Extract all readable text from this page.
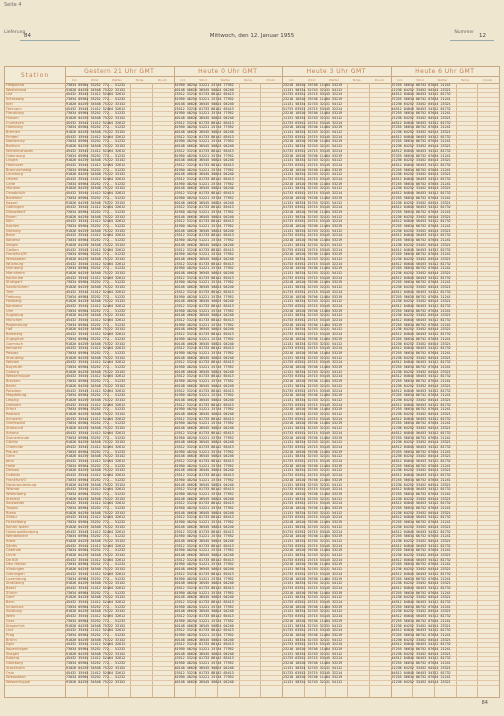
Seite 4
Lieferung
84	Mittwoch, den 12. Januar 1955
Nummer
12
Station	Gestern 21 Uhr GMT
Ind.	Wind	Wetter	Temp.	Druck
Heute 0 Uhr GMT
Ind.	Wind	Wetter	Temp.	Druck
Heute 3 Uhr GMT
Ind.	Wind	Wetter	Temp.	Druck
Heute 6 Uhr GMT
Ind.	Wind	Wetter	Temp.	Druck
Helgoland	73034 05984 33252 772-- 51232	81950 48254 51221 25734 77952	23218 10520 76746 11484 53219	37255 56634 86752 07634 21241
Westerland	91826 04259 34548 75722 33152	40148 46626 36545 50824 04240	11131 58334 32743 32131 54112	21236 64252 33452 04514 23321
List	45432 35545 21412 52464 32612	23512 33216 01733 88142 65413	51733 63552 25715 53145 32214	44512 04845 56453 54312 81732
Schleswig	73034 05984 33252 772-- 51232	81950 48254 51221 25734 77952	23218 10520 76746 11484 53219	37255 56634 86752 07634 21241
Kiel	91826 04259 34548 75722 33152	40148 46626 36545 50824 04240	11131 58334 32743 32131 54112	21236 64252 33452 04514 23321
Fehmarn	45432 35545 21412 52464 32612	23512 33216 01733 88142 65413	51733 63552 25715 53145 32214	44512 04845 56453 54312 81732
Flensburg	73034 05984 33252 772-- 51232	81950 48254 51221 25734 77952	23218 10520 76746 11484 53219	37255 56634 86752 07634 21241
Husum	91826 04259 34548 75722 33152	40148 46626 36545 50824 04240	11131 58334 32743 32131 54112	21236 64252 33452 04514 23321
Cuxhaven	45432 35545 21412 52464 32612	23512 33216 01733 88142 65413	51733 63552 25715 53145 32214	44512 04845 56453 54312 81732
Hamburg	73034 05984 33252 772-- 51232	81950 48254 51221 25734 77952	23218 10520 76746 11484 53219	37255 56634 86752 07634 21241
Bremen	91826 04259 34548 75722 33152	40148 46626 36545 50824 04240	11131 58334 32743 32131 54112	21236 64252 33452 04514 23321
Emden	45432 35545 21412 52464 32612	23512 33216 01733 88142 65413	51733 63552 25715 53145 32214	44512 04845 56453 54312 81732
Norderney	73034 05984 33252 772-- 51232	81950 48254 51221 25734 77952	23218 10520 76746 11484 53219	37255 56634 86752 07634 21241
Borkum	91826 04259 34548 75722 33152	40148 46626 36545 50824 04240	11131 58334 32743 32131 54112	21236 64252 33452 04514 23321
Wilhelmshaven	45432 35545 21412 52464 32612	23512 33216 01733 88142 65413	51733 63552 25715 53145 32214	44512 04845 56453 54312 81732
Oldenburg	73034 05984 33252 772-- 51232	81950 48254 51221 25734 77952	23218 10520 76746 11484 53219	37255 56634 86752 07634 21241
Lingen	91826 04259 34548 75722 33152	40148 46626 36545 50824 04240	11131 58334 32743 32131 54112	21236 64252 33452 04514 23321
Hannover	45432 35545 21412 52464 32612	23512 33216 01733 88142 65413	51733 63552 25715 53145 32214	44512 04845 56453 54312 81732
Braunschweig	73034 05984 33252 772-- 51232	81950 48254 51221 25734 77952	23218 10520 76746 11484 53219	37255 56634 86752 07634 21241
Lüneburg	91826 04259 34548 75722 33152	40148 46626 36545 50824 04240	11131 58334 32743 32131 54112	21236 64252 33452 04514 23321
Uelzen	45432 35545 21412 52464 32612	23512 33216 01733 88142 65413	51733 63552 25715 53145 32214	44512 04845 56453 54312 81732
Celle	73034 05984 33252 772-- 51232	81950 48254 51221 25734 77952	23218 10520 76746 11484 53219	37255 56634 86752 07634 21241
Münster	91826 04259 34548 75722 33152	40148 46626 36545 50824 04240	11131 58334 32743 32131 54112	21236 64252 33452 04514 23321
Osnabrück	45432 35545 21412 52464 32612	23512 33216 01733 88142 65413	51733 63552 25715 53145 32214	44512 04845 56453 54312 81732
Bielefeld	73034 05984 33252 772-- 51232	81950 48254 51221 25734 77952	23218 10520 76746 11484 53219	37255 56634 86752 07634 21241
Kassel	91826 04259 34548 75722 33152	40148 46626 36545 50824 04240	11131 58334 32743 32131 54112	21236 64252 33452 04514 23321
Göttingen	45432 35545 21412 52464 32612	23512 33216 01733 88142 65413	51733 63552 25715 53145 32214	44512 04845 56453 54312 81732
Düsseldorf	73034 05984 33252 772-- 51232	81950 48254 51221 25734 77952	23218 10520 76746 11484 53219	37255 56634 86752 07634 21241
Essen	91826 04259 34548 75722 33152	40148 46626 36545 50824 04240	11131 58334 32743 32131 54112	21236 64252 33452 04514 23321
Köln	45432 35545 21412 52464 32612	23512 33216 01733 88142 65413	51733 63552 25715 53145 32214	44512 04845 56453 54312 81732
Aachen	73034 05984 33252 772-- 51232	81950 48254 51221 25734 77952	23218 10520 76746 11484 53219	37255 56634 86752 07634 21241
Nürburg	91826 04259 34548 75722 33152	40148 46626 36545 50824 04240	11131 58334 32743 32131 54112	21236 64252 33452 04514 23321
Bonn	45432 35545 21412 52464 32612	23512 33216 01733 88142 65413	51733 63552 25715 53145 32214	44512 04845 56453 54312 81732
Koblenz	73034 05984 33252 772-- 51232	81950 48254 51221 25734 77952	23218 10520 76746 11484 53219	37255 56634 86752 07634 21241
Siegen	91826 04259 34548 75722 33152	40148 46626 36545 50824 04240	11131 58334 32743 32131 54112	21236 64252 33452 04514 23321
Gießen	45432 35545 21412 52464 32612	23512 33216 01733 88142 65413	51733 63552 25715 53145 32214	44512 04845 56453 54312 81732
Frankfurt/M	73034 05984 33252 772-- 51232	81950 48254 51221 25734 77952	23218 10520 76746 11484 53219	37255 56634 86752 07634 21241
Wiesbaden	91826 04259 34548 75722 33152	40148 46626 36545 50824 04240	11131 58334 32743 32131 54112	21236 64252 33452 04514 23321
Würzburg	45432 35545 21412 52464 32612	23512 33216 01733 88142 65413	51733 63552 25715 53145 32214	44512 04845 56453 54312 81732
Nürnberg	73034 05984 33252 772-- 51232	81950 48254 51221 25734 77952	23218 10520 76746 11484 53219	37255 56634 86752 07634 21241
Mannheim	91826 04259 34548 75722 33152	40148 46626 36545 50824 04240	11131 58334 32743 32131 54112	21236 64252 33452 04514 23321
Karlsruhe	45432 35545 21412 52464 32612	23512 33216 01733 88142 65413	51733 63552 25715 53145 32214	44512 04845 56453 54312 81732
Stuttgart	73034 05984 33252 772-- 51232	81950 48254 51221 25734 77952	23218 10520 76746 11484 53219	37255 56634 86752 07634 21241
Saarbrücken	91826 04259 34548 75722 33152	40148 46626 36545 50824 04240	11131 58334 32743 32131 54112	21236 64252 33452 04514 23321
Trier	45432 35545 21412 52464 32612	23512 33216 01733 88142 65413	51733 63552 25715 53145 32214	44512 04845 56453 54312 81732
Freiburg	73034 05984 33252 772-- 51232	81950 48254 51221 25734 77952	23218 10520 76746 11484 53219	37255 56634 86752 07634 21241
Feldberg	91826 04259 34548 75722 33152	40148 46626 36545 50824 04240	11131 58334 32743 32131 54112	21236 64252 33452 04514 23321
Konstanz	45432 35545 21412 52464 32612	23512 33216 01733 88142 65413	51733 63552 25715 53145 32214	44512 04845 56453 54312 81732
Ulm	73034 05984 33252 772-- 51232	81950 48254 51221 25734 77952	23218 10520 76746 11484 53219	37255 56634 86752 07634 21241
Augsburg	91826 04259 34548 75722 33152	40148 46626 36545 50824 04240	11131 58334 32743 32131 54112	21236 64252 33452 04514 23321
München	45432 35545 21412 52464 32612	23512 33216 01733 88142 65413	51733 63552 25715 53145 32214	44512 04845 56453 54312 81732
Regensburg	73034 05984 33252 772-- 51232	81950 48254 51221 25734 77952	23218 10520 76746 11484 53219	37255 56634 86752 07634 21241
Hof	91826 04259 34548 75722 33152	40148 46626 36545 50824 04240	11131 58334 32743 32131 54112	21236 64252 33452 04514 23321
Bamberg	45432 35545 21412 52464 32612	23512 33216 01733 88142 65413	51733 63552 25715 53145 32214	44512 04845 56453 54312 81732
Zugspitze	73034 05984 33252 772-- 51232	81950 48254 51221 25734 77952	23218 10520 76746 11484 53219	37255 56634 86752 07634 21241
Garmisch	91826 04259 34548 75722 33152	40148 46626 36545 50824 04240	11131 58334 32743 32131 54112	21236 64252 33452 04514 23321
Kempten	45432 35545 21412 52464 32612	23512 33216 01733 88142 65413	51733 63552 25715 53145 32214	44512 04845 56453 54312 81732
Passau	73034 05984 33252 772-- 51232	81950 48254 51221 25734 77952	23218 10520 76746 11484 53219	37255 56634 86752 07634 21241
Straubing	91826 04259 34548 75722 33152	40148 46626 36545 50824 04240	11131 58334 32743 32131 54112	21236 64252 33452 04514 23321
Weiden	45432 35545 21412 52464 32612	23512 33216 01733 88142 65413	51733 63552 25715 53145 32214	44512 04845 56453 54312 81732
Bayreuth	73034 05984 33252 772-- 51232	81950 48254 51221 25734 77952	23218 10520 76746 11484 53219	37255 56634 86752 07634 21241
Coburg	91826 04259 34548 75722 33152	40148 46626 36545 50824 04240	11131 58334 32743 32131 54112	21236 64252 33452 04514 23321
Wasserkuppe	45432 35545 21412 52464 32612	23512 33216 01733 88142 65413	51733 63552 25715 53145 32214	44512 04845 56453 54312 81732
Brocken	73034 05984 33252 772-- 51232	81950 48254 51221 25734 77952	23218 10520 76746 11484 53219	37255 56634 86752 07634 21241
Berlin	91826 04259 34548 75722 33152	40148 46626 36545 50824 04240	11131 58334 32743 32131 54112	21236 64252 33452 04514 23321
Potsdam	45432 35545 21412 52464 32612	23512 33216 01733 88142 65413	51733 63552 25715 53145 32214	44512 04845 56453 54312 81732
Magdeburg	73034 05984 33252 772-- 51232	81950 48254 51221 25734 77952	23218 10520 76746 11484 53219	37255 56634 86752 07634 21241
Leipzig	91826 04259 34548 75722 33152	40148 46626 36545 50824 04240	11131 58334 32743 32131 54112	21236 64252 33452 04514 23321
Dresden	45432 35545 21412 52464 32612	23512 33216 01733 88142 65413	51733 63552 25715 53145 32214	44512 04845 56453 54312 81732
Erfurt	73034 05984 33252 772-- 51232	81950 48254 51221 25734 77952	23218 10520 76746 11484 53219	37255 56634 86752 07634 21241
Rostock	91826 04259 34548 75722 33152	40148 46626 36545 50824 04240	11131 58334 32743 32131 54112	21236 64252 33452 04514 23321
Schwerin	45432 35545 21412 52464 32612	23512 33216 01733 88142 65413	51733 63552 25715 53145 32214	44512 04845 56453 54312 81732
Greifswald	73034 05984 33252 772-- 51232	81950 48254 51221 25734 77952	23218 10520 76746 11484 53219	37255 56634 86752 07634 21241
Stralsund	91826 04259 34548 75722 33152	40148 46626 36545 50824 04240	11131 58334 32743 32131 54112	21236 64252 33452 04514 23321
Arkona	45432 35545 21412 52464 32612	23512 33216 01733 88142 65413	51733 63552 25715 53145 32214	44512 04845 56453 54312 81732
Swinemünde	73034 05984 33252 772-- 51232	81950 48254 51221 25734 77952	23218 10520 76746 11484 53219	37255 56634 86752 07634 21241
Görlitz	91826 04259 34548 75722 33152	40148 46626 36545 50824 04240	11131 58334 32743 32131 54112	21236 64252 33452 04514 23321
Chemnitz	45432 35545 21412 52464 32612	23512 33216 01733 88142 65413	51733 63552 25715 53145 32214	44512 04845 56453 54312 81732
Plauen	73034 05984 33252 772-- 51232	81950 48254 51221 25734 77952	23218 10520 76746 11484 53219	37255 56634 86752 07634 21241
Gera	91826 04259 34548 75722 33152	40148 46626 36545 50824 04240	11131 58334 32743 32131 54112	21236 64252 33452 04514 23321
Jena	45432 35545 21412 52464 32612	23512 33216 01733 88142 65413	51733 63552 25715 53145 32214	44512 04845 56453 54312 81732
Halle	73034 05984 33252 772-- 51232	81950 48254 51221 25734 77952	23218 10520 76746 11484 53219	37255 56634 86752 07634 21241
Dessau	91826 04259 34548 75722 33152	40148 46626 36545 50824 04240	11131 58334 32743 32131 54112	21236 64252 33452 04514 23321
Cottbus	45432 35545 21412 52464 32612	23512 33216 01733 88142 65413	51733 63552 25715 53145 32214	44512 04845 56453 54312 81732
Frankfurt/O	73034 05984 33252 772-- 51232	81950 48254 51221 25734 77952	23218 10520 76746 11484 53219	37255 56634 86752 07634 21241
Neubrandenburg	91826 04259 34548 75722 33152	40148 46626 36545 50824 04240	11131 58334 32743 32131 54112	21236 64252 33452 04514 23321
Wismar	45432 35545 21412 52464 32612	23512 33216 01733 88142 65413	51733 63552 25715 53145 32214	44512 04845 56453 54312 81732
Wittenberg	73034 05984 33252 772-- 51232	81950 48254 51221 25734 77952	23218 10520 76746 11484 53219	37255 56634 86752 07634 21241
Stendal	91826 04259 34548 75722 33152	40148 46626 36545 50824 04240	11131 58334 32743 32131 54112	21236 64252 33452 04514 23321
Salzwedel	45432 35545 21412 52464 32612	23512 33216 01733 88142 65413	51733 63552 25715 53145 32214	44512 04845 56453 54312 81732
Torgau	73034 05984 33252 772-- 51232	81950 48254 51221 25734 77952	23218 10520 76746 11484 53219	37255 56634 86752 07634 21241
Riesa	91826 04259 34548 75722 33152	40148 46626 36545 50824 04240	11131 58334 32743 32131 54112	21236 64252 33452 04514 23321
Zittau	45432 35545 21412 52464 32612	23512 33216 01733 88142 65413	51733 63552 25715 53145 32214	44512 04845 56453 54312 81732
Fichtelberg	73034 05984 33252 772-- 51232	81950 48254 51221 25734 77952	23218 10520 76746 11484 53219	37255 56634 86752 07634 21241
Kahler Asten	91826 04259 34548 75722 33152	40148 46626 36545 50824 04240	11131 58334 32743 32131 54112	21236 64252 33452 04514 23321
Hohenpeißenberg	45432 35545 21412 52464 32612	23512 33216 01733 88142 65413	51733 63552 25715 53145 32214	44512 04845 56453 54312 81732
Wendelstein	73034 05984 33252 772-- 51232	81950 48254 51221 25734 77952	23218 10520 76746 11484 53219	37255 56634 86752 07634 21241
Arber	91826 04259 34548 75722 33152	40148 46626 36545 50824 04240	11131 58334 32743 32131 54112	21236 64252 33452 04514 23321
Säntis	45432 35545 21412 52464 32612	23512 33216 01733 88142 65413	51733 63552 25715 53145 32214	44512 04845 56453 54312 81732
Ostende	73034 05984 33252 772-- 51232	81950 48254 51221 25734 77952	23218 10520 76746 11484 53219	37255 56634 86752 07634 21241
Uccle	91826 04259 34548 75722 33152	40148 46626 36545 50824 04240	11131 58334 32743 32131 54112	21236 64252 33452 04514 23321
De Bilt	45432 35545 21412 52464 32612	23512 33216 01733 88142 65413	51733 63552 25715 53145 32214	44512 04845 56453 54312 81732
Den Helder	73034 05984 33252 772-- 51232	81950 48254 51221 25734 77952	23218 10520 76746 11484 53219	37255 56634 86752 07634 21241
Vlissingen	91826 04259 34548 75722 33152	40148 46626 36545 50824 04240	11131 58334 32743 32131 54112	21236 64252 33452 04514 23321
Groningen	45432 35545 21412 52464 32612	23512 33216 01733 88142 65413	51733 63552 25715 53145 32214	44512 04845 56453 54312 81732
Luxemburg	73034 05984 33252 772-- 51232	81950 48254 51221 25734 77952	23218 10520 76746 11484 53219	37255 56634 86752 07634 21241
Straßburg	91826 04259 34548 75722 33152	40148 46626 36545 50824 04240	11131 58334 32743 32131 54112	21236 64252 33452 04514 23321
Basel	45432 35545 21412 52464 32612	23512 33216 01733 88142 65413	51733 63552 25715 53145 32214	44512 04845 56453 54312 81732
Zürich	73034 05984 33252 772-- 51232	81950 48254 51221 25734 77952	23218 10520 76746 11484 53219	37255 56634 86752 07634 21241
Genf	91826 04259 34548 75722 33152	40148 46626 36545 50824 04240	11131 58334 32743 32131 54112	21236 64252 33452 04514 23321
Bern	45432 35545 21412 52464 32612	23512 33216 01733 88142 65413	51733 63552 25715 53145 32214	44512 04845 56453 54312 81732
Innsbruck	73034 05984 33252 772-- 51232	81950 48254 51221 25734 77952	23218 10520 76746 11484 53219	37255 56634 86752 07634 21241
Salzburg	91826 04259 34548 75722 33152	40148 46626 36545 50824 04240	11131 58334 32743 32131 54112	21236 64252 33452 04514 23321
Wien	45432 35545 21412 52464 32612	23512 33216 01733 88142 65413	51733 63552 25715 53145 32214	44512 04845 56453 54312 81732
Graz	73034 05984 33252 772-- 51232	81950 48254 51221 25734 77952	23218 10520 76746 11484 53219	37255 56634 86752 07634 21241
Klagenfurt	91826 04259 34548 75722 33152	40148 46626 36545 50824 04240	11131 58334 32743 32131 54112	21236 64252 33452 04514 23321
Linz	45432 35545 21412 52464 32612	23512 33216 01733 88142 65413	51733 63552 25715 53145 32214	44512 04845 56453 54312 81732
Prag	73034 05984 33252 772-- 51232	81950 48254 51221 25734 77952	23218 10520 76746 11484 53219	37255 56634 86752 07634 21241
Brünn	91826 04259 34548 75722 33152	40148 46626 36545 50824 04240	11131 58334 32743 32131 54112	21236 64252 33452 04514 23321
Eger	45432 35545 21412 52464 32612	23512 33216 01733 88142 65413	51733 63552 25715 53145 32214	44512 04845 56453 54312 81732
Kopenhagen	73034 05984 33252 772-- 51232	81950 48254 51221 25734 77952	23218 10520 76746 11484 53219	37255 56634 86752 07634 21241
Skagen	91826 04259 34548 75722 33152	40148 46626 36545 50824 04240	11131 58334 32743 32131 54112	21236 64252 33452 04514 23321
Esbjerg	45432 35545 21412 52464 32612	23512 33216 01733 88142 65413	51733 63552 25715 53145 32214	44512 04845 56453 54312 81732
Göteborg	73034 05984 33252 772-- 51232	81950 48254 51221 25734 77952	23218 10520 76746 11484 53219	37255 56634 86752 07634 21241
Stockholm	91826 04259 34548 75722 33152	40148 46626 36545 50824 04240	11131 58334 32743 32131 54112	21236 64252 33452 04514 23321
Oslo	45432 35545 21412 52464 32612	23512 33216 01733 88142 65413	51733 63552 25715 53145 32214	44512 04845 56453 54312 81732
Wiesbaden	73034 05984 33252 772-- 51232	81950 48254 51221 25734 77952	23218 10520 76746 11484 53219	37255 56634 86752 07634 21241
Wasserkuppe	91826 04259 34548 75722 33152	40148 46626 36545 50824 04240	11131 58334 32743 32131 54112	21236 64252 33452 04514 23321
84
